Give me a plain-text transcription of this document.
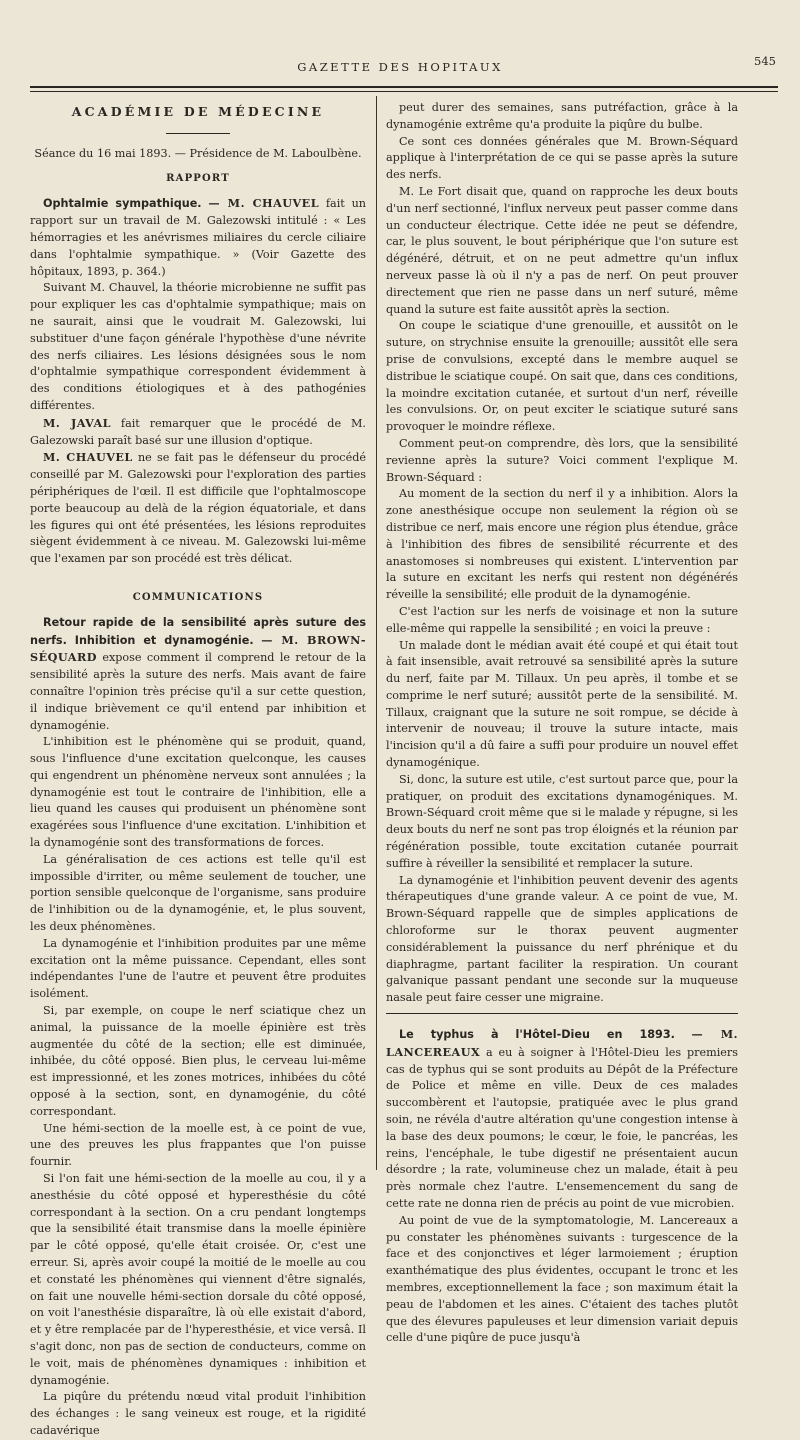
545
GAZETTE DES HOPITAUX
ACADÉMIE DE MÉDECINE

Séance du 16 mai 1893. — Présidence de M. Laboulbène.

RAPPORT

Ophtalmie sympathique. — M. CHAUVEL fait un rapport sur un travail de M. Galezowski intitulé : « Les hémorragies et les anévrismes miliaires du cercle ciliaire dans l'ophtalmie sympathique. » (Voir Gazette des hôpitaux, 1893, p. 364.)

Suivant M. Chauvel, la théorie microbienne ne suffit pas pour expliquer les cas d'ophtalmie sympathique; mais on ne saurait, ainsi que le voudrait M. Galezowski, lui substituer d'une façon générale l'hypothèse d'une névrite des nerfs ciliaires. Les lésions désignées sous le nom d'ophtalmie sympathique correspondent évidemment à des conditions étiologiques et à des pathogénies différentes.

M. JAVAL fait remarquer que le procédé de M. Galezowski paraît basé sur une illusion d'optique.

M. CHAUVEL ne se fait pas le défenseur du procédé conseillé par M. Galezowski pour l'exploration des parties périphériques de l'œil. Il est difficile que l'ophtalmoscope porte beaucoup au delà de la région équatoriale, et dans les figures qui ont été présentées, les lésions reproduites siègent évidemment à ce niveau. M. Galezowski lui-même que l'examen par son procédé est très délicat.

COMMUNICATIONS

Retour rapide de la sensibilité après suture des nerfs. Inhibition et dynamogénie. — M. BROWN-SÉQUARD expose comment il comprend le retour de la sensibilité après la suture des nerfs. Mais avant de faire connaître l'opinion très précise qu'il a sur cette question, il indique brièvement ce qu'il entend par inhibition et dynamogénie.

L'inhibition est le phénomène qui se produit, quand, sous l'influence d'une excitation quelconque, les causes qui engendrent un phénomène nerveux sont annulées ; la dynamogénie est tout le contraire de l'inhibition, elle a lieu quand les causes qui produisent un phénomène sont exagérées sous l'influence d'une excitation. L'inhibition et la dynamogénie sont des transformations de forces.

La généralisation de ces actions est telle qu'il est impossible d'irriter, ou même seulement de toucher, une portion sensible quelconque de l'organisme, sans produire de l'inhibition ou de la dynamogénie, et, le plus souvent, les deux phénomènes.

La dynamogénie et l'inhibition produites par une même excitation ont la même puissance. Cependant, elles sont indépendantes l'une de l'autre et peuvent être produites isolément.

Si, par exemple, on coupe le nerf sciatique chez un animal, la puissance de la moelle épinière est très augmentée du côté de la section; elle est diminuée, inhibée, du côté opposé. Bien plus, le cerveau lui-même est impressionné, et les zones motrices, inhibées du côté opposé à la section, sont, en dynamogénie, du côté correspondant.

Une hémi-section de la moelle est, à ce point de vue, une des preuves les plus frappantes que l'on puisse fournir.

Si l'on fait une hémi-section de la moelle au cou, il y a anesthésie du côté opposé et hyperesthésie du côté correspondant à la section. On a cru pendant longtemps que la sensibilité était transmise dans la moelle épinière par le côté opposé, qu'elle était croisée. Or, c'est une erreur. Si, après avoir coupé la moitié de le moelle au cou et constaté les phénomènes qui viennent d'être signalés, on fait une nouvelle hémi-section dorsale du côté opposé, on voit l'anesthésie disparaître, là où elle existait d'abord, et y être remplacée par de l'hyperesthésie, et vice versâ. Il s'agit donc, non pas de section de conducteurs, comme on le voit, mais de phénomènes dynamiques : inhibition et dynamogénie.

La piqûre du prétendu nœud vital produit l'inhibition des échanges : le sang veineux est rouge, et la rigidité cadavérique

peut durer des semaines, sans putréfaction, grâce à la dynamogénie extrême qu'a produite la piqûre du bulbe.

Ce sont ces données générales que M. Brown-Séquard applique à l'interprétation de ce qui se passe après la suture des nerfs.

M. Le Fort disait que, quand on rapproche les deux bouts d'un nerf sectionné, l'influx nerveux peut passer comme dans un conducteur électrique. Cette idée ne peut se défendre, car, le plus souvent, le bout périphérique que l'on suture est dégénéré, détruit, et on ne peut admettre qu'un influx nerveux passe là où il n'y a pas de nerf. On peut prouver directement que rien ne passe dans un nerf suturé, même quand la suture est faite aussitôt après la section.

On coupe le sciatique d'une grenouille, et aussitôt on le suture, on strychnise ensuite la grenouille; aussitôt elle sera prise de convulsions, excepté dans le membre auquel se distribue le sciatique coupé. On sait que, dans ces conditions, la moindre excitation cutanée, et surtout d'un nerf, réveille les convulsions. Or, on peut exciter le sciatique suturé sans provoquer le moindre réflexe.

Comment peut-on comprendre, dès lors, que la sensibilité revienne après la suture? Voici comment l'explique M. Brown-Séquard :

Au moment de la section du nerf il y a inhibition. Alors la zone anesthésique occupe non seulement la région où se distribue ce nerf, mais encore une région plus étendue, grâce à l'inhibition des fibres de sensibilité récurrente et des anastomoses si nombreuses qui existent. L'intervention par la suture en excitant les nerfs qui restent non dégénérés réveille la sensibilité; elle produit de la dynamogénie.

C'est l'action sur les nerfs de voisinage et non la suture elle-même qui rappelle la sensibilité ; en voici la preuve :

Un malade dont le médian avait été coupé et qui était tout à fait insensible, avait retrouvé sa sensibilité après la suture du nerf, faite par M. Tillaux. Un peu après, il tombe et se comprime le nerf suturé; aussitôt perte de la sensibilité. M. Tillaux, craignant que la suture ne soit rompue, se décide à intervenir de nouveau; il trouve la suture intacte, mais l'incision qu'il a dû faire a suffi pour produire un nouvel effet dynamogénique.

Si, donc, la suture est utile, c'est surtout parce que, pour la pratiquer, on produit des excitations dynamogéniques. M. Brown-Séquard croit même que si le malade y répugne, si les deux bouts du nerf ne sont pas trop éloignés et la réunion par régénération possible, toute excitation cutanée pourrait suffire à réveiller la sensibilité et remplacer la suture.

La dynamogénie et l'inhibition peuvent devenir des agents thérapeutiques d'une grande valeur. A ce point de vue, M. Brown-Séquard rappelle que de simples applications de chloroforme sur le thorax peuvent augmenter considérablement la puissance du nerf phrénique et du diaphragme, partant faciliter la respiration. Un courant galvanique passant pendant une seconde sur la muqueuse nasale peut faire cesser une migraine.

Le typhus à l'Hôtel-Dieu en 1893. — M. LANCEREAUX a eu à soigner à l'Hôtel-Dieu les premiers cas de typhus qui se sont produits au Dépôt de la Préfecture de Police et même en ville. Deux de ces malades succombèrent et l'autopsie, pratiquée avec le plus grand soin, ne révéla d'autre altération qu'une congestion intense à la base des deux poumons; le cœur, le foie, le pancréas, les reins, l'encéphale, le tube digestif ne présentaient aucun désordre ; la rate, volumineuse chez un malade, était à peu près normale chez l'autre. L'ensemencement du sang de cette rate ne donna rien de précis au point de vue microbien.

Au point de vue de la symptomatologie, M. Lancereaux a pu constater les phénomènes suivants : turgescence de la face et des conjonctives et léger larmoiement ; éruption exanthématique des plus évidentes, occupant le tronc et les membres, exceptionnellement la face ; son maximum était la peau de l'abdomen et les aines. C'étaient des taches plutôt que des élevures papuleuses et leur dimension variait depuis celle d'une piqûre de puce jusqu'à
